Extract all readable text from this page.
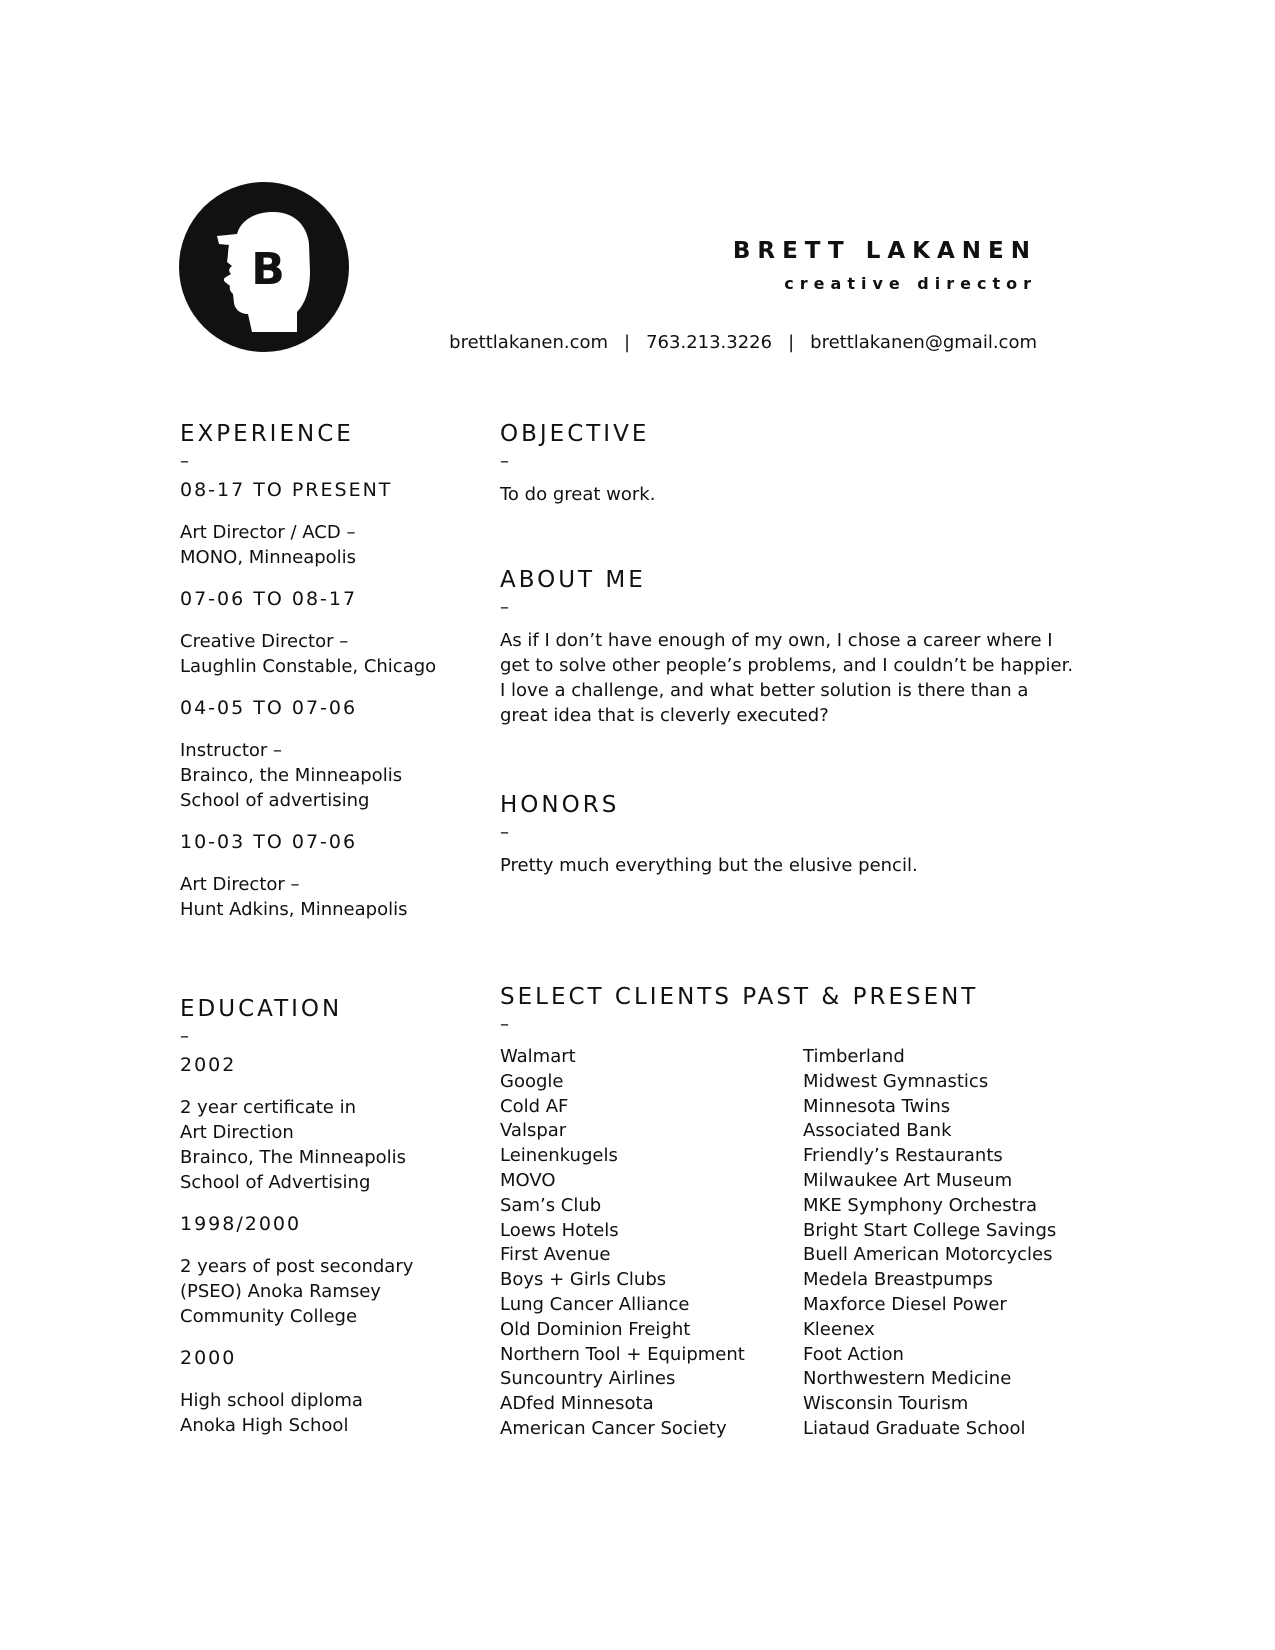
B	BRETT LAKANEN
creative director
brettlakanen.com | 763.213.3226 | brettlakanen@gmail.com
EXPERIENCE
–
08-17 TO PRESENT
Art Director / ACD –
MONO, Minneapolis
07-06 TO 08-17
Creative Director –
Laughlin Constable, Chicago
04-05 TO 07-06
Instructor –
Brainco, the Minneapolis
School of advertising
10-03 TO 07-06
Art Director –
Hunt Adkins, Minneapolis
OBJECTIVE
–
To do great work.
ABOUT ME
–
As if I don’t have enough of my own, I chose a career where I
get to solve other people’s problems, and I couldn’t be happier.
I love a challenge, and what better solution is there than a
great idea that is cleverly executed?
HONORS
–
Pretty much everything but the elusive pencil.
EDUCATION
–
2002
2 year certificate in
Art Direction
Brainco, The Minneapolis
School of Advertising
1998/2000
2 years of post secondary
(PSEO) Anoka Ramsey
Community College
2000
High school diploma
Anoka High School
SELECT CLIENTS PAST & PRESENT
–
Walmart
Google
Cold AF
Valspar
Leinenkugels
MOVO
Sam’s Club
Loews Hotels
First Avenue
Boys + Girls Clubs
Lung Cancer Alliance
Old Dominion Freight
Northern Tool + Equipment
Suncountry Airlines
ADfed Minnesota
American Cancer Society
Timberland
Midwest Gymnastics
Minnesota Twins
Associated Bank
Friendly’s Restaurants
Milwaukee Art Museum
MKE Symphony Orchestra
Bright Start College Savings
Buell American Motorcycles
Medela Breastpumps
Maxforce Diesel Power
Kleenex
Foot Action
Northwestern Medicine
Wisconsin Tourism
Liataud Graduate School
